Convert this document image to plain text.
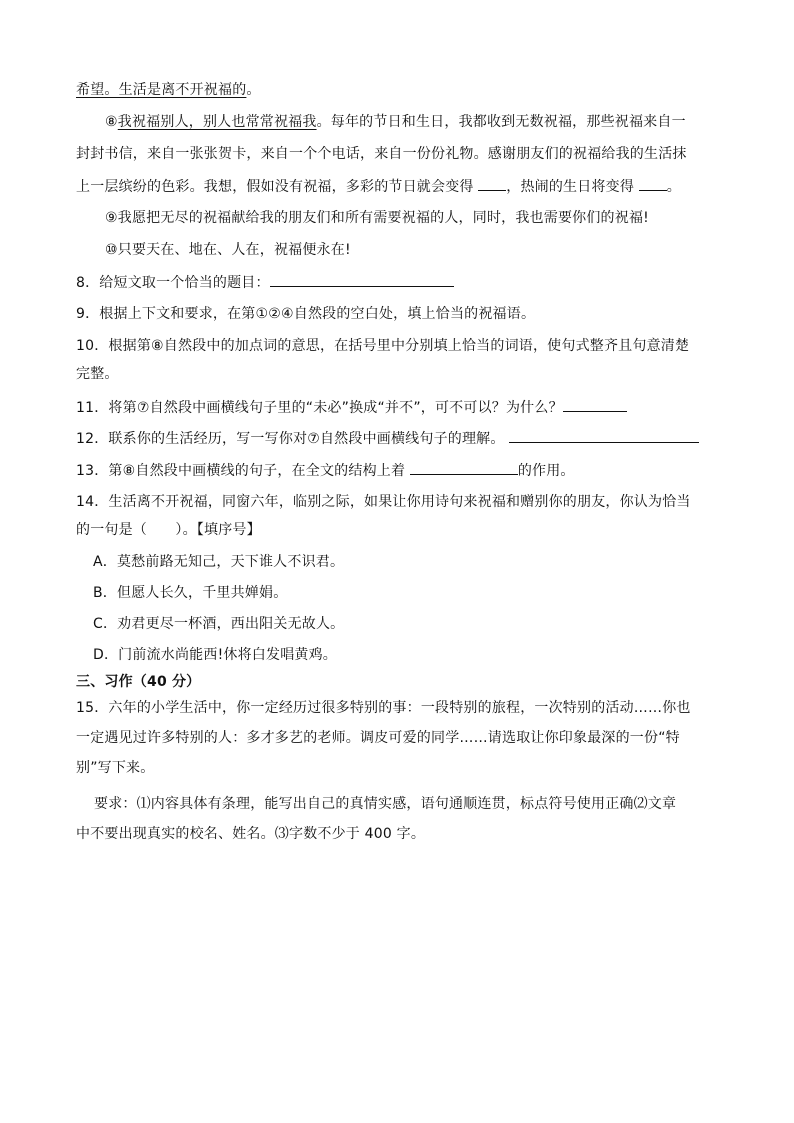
希望。生活是离不开祝福的。
⑧我祝福别人，别人也常常祝福我。每年的节日和生日，我都收到无数祝福，那些祝福来自一
封封书信，来自一张张贺卡，来自一个个电话，来自一份份礼物。感谢朋友们的祝福给我的生活抹
上一层缤纷的色彩。我想，假如没有祝福，多彩的节日就会变得 ，热闹的生日将变得 。
⑨我愿把无尽的祝福献给我的朋友们和所有需要祝福的人，同时，我也需要你们的祝福!
⑩只要天在、地在、人在，祝福便永在!
8．给短文取一个恰当的题目：
9．根据上下文和要求，在第①②④自然段的空白处，填上恰当的祝福语。
10．根据第⑧自然段中的加点词的意思，在括号里中分别填上恰当的词语，使句式整齐且句意清楚
完整。
11．将第⑦自然段中画横线句子里的“未必”换成“并不”，可不可以？为什么？
12．联系你的生活经历，写一写你对⑦自然段中画横线句子的理解。
13．第⑧自然段中画横线的句子，在全文的结构上着	的作用。
14．生活离不开祝福，同窗六年，临别之际，如果让你用诗句来祝福和赠别你的朋友，你认为恰当
的一句是（　　）。【填序号】
A．莫愁前路无知己，天下谁人不识君。
B．但愿人长久，千里共婵娟。
C．劝君更尽一杯酒，西出阳关无故人。
D．门前流水尚能西!休将白发唱黄鸡。
三、习作（40 分）
15．六年的小学生活中，你一定经历过很多特别的事：一段特别的旅程，一次特别的活动……你也
一定遇见过许多特别的人：多才多艺的老师。调皮可爱的同学……请选取让你印象最深的一份“特
别”写下来。
要求：⑴内容具体有条理，能写出自己的真情实感，语句通顺连贯，标点符号使用正确⑵文章
中不要出现真实的校名、姓名。⑶字数不少于 400 字。
